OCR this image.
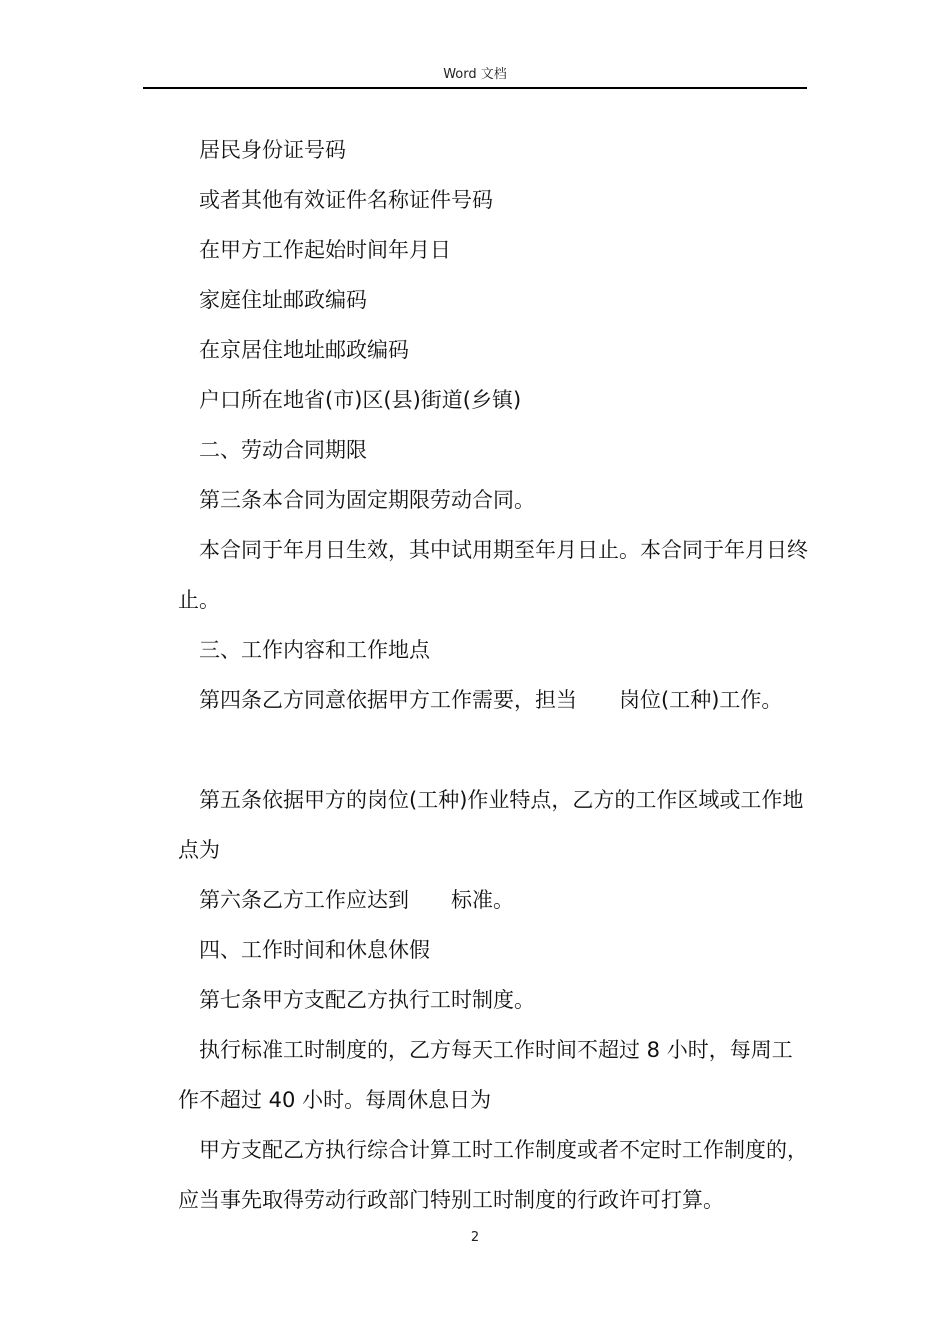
Word 文档

居民身份证号码

或者其他有效证件名称证件号码

在甲方工作起始时间年月日

家庭住址邮政编码

在京居住地址邮政编码

户口所在地省(市)区(县)街道(乡镇)

二、劳动合同期限

第三条本合同为固定期限劳动合同。

本合同于年月日生效，其中试用期至年月日止。本合同于年月日终止。

三、工作内容和工作地点

第四条乙方同意依据甲方工作需要，担当　　岗位(工种)工作。

第五条依据甲方的岗位(工种)作业特点，乙方的工作区域或工作地点为

第六条乙方工作应达到　　标准。

四、工作时间和休息休假

第七条甲方支配乙方执行工时制度。

执行标准工时制度的，乙方每天工作时间不超过 8 小时，每周工作不超过 40 小时。每周休息日为

甲方支配乙方执行综合计算工时工作制度或者不定时工作制度的，应当事先取得劳动行政部门特别工时制度的行政许可打算。

2
